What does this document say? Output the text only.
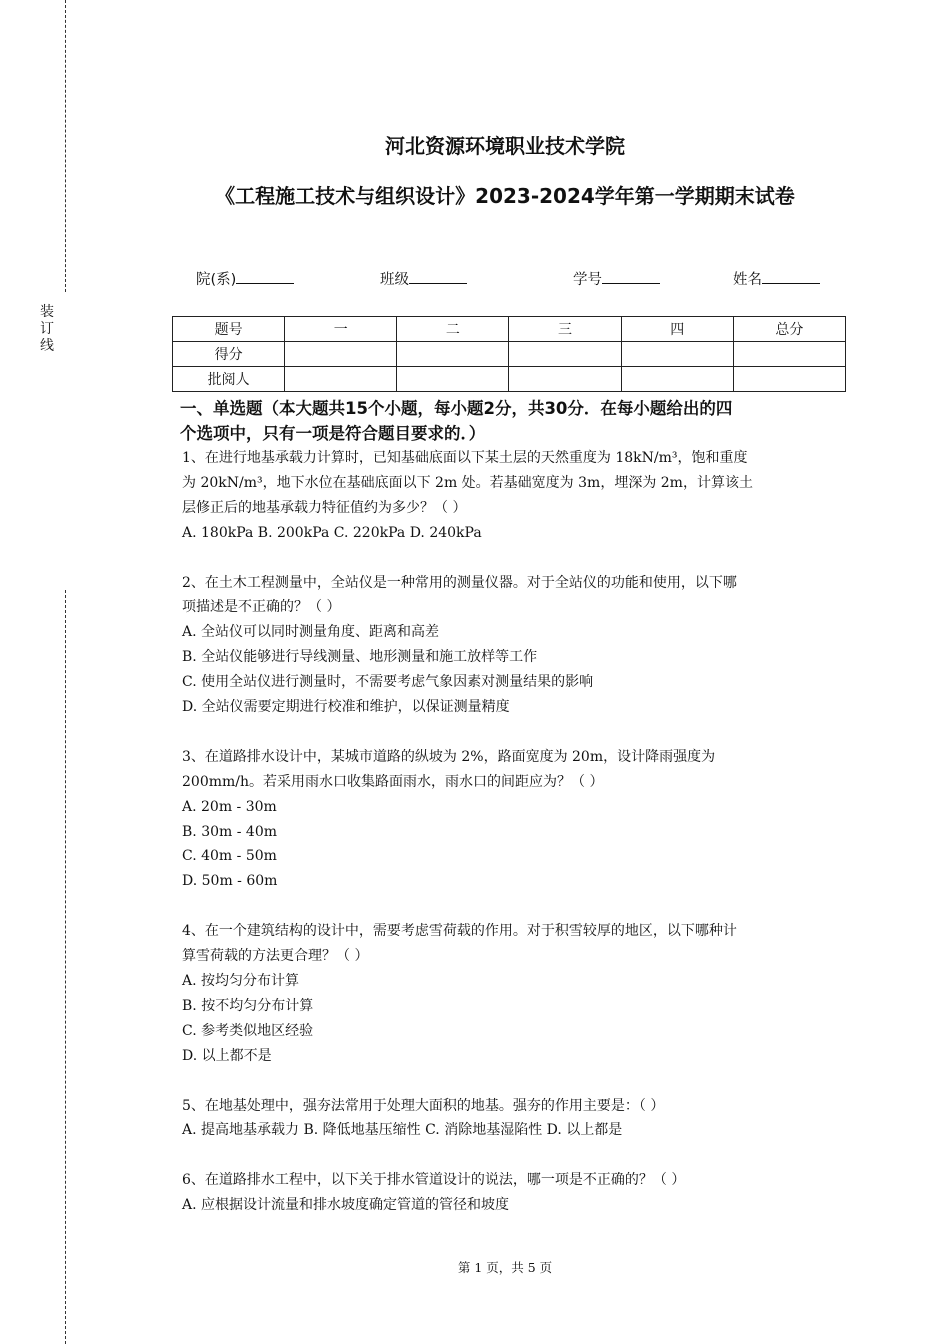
装
订
线
河北资源环境职业技术学院
《工程施工技术与组织设计》2023-2024学年第一学期期末试卷
院(系)	班级	学号	姓名
题号	一	二	三	四	总分
得分					
批阅人					
一、单选题（本大题共15个小题，每小题2分，共30分．在每小题给出的四
个选项中，只有一项是符合题目要求的．）

1、在进行地基承载力计算时，已知基础底面以下某土层的天然重度为 18kN/m³，饱和重度

为 20kN/m³，地下水位在基础底面以下 2m 处。若基础宽度为 3m，埋深为 2m，计算该土

层修正后的地基承载力特征值约为多少？（ ）

A. 180kPa B. 200kPa C. 220kPa D. 240kPa

2、在土木工程测量中，全站仪是一种常用的测量仪器。对于全站仪的功能和使用，以下哪

项描述是不正确的？（ ）

A. 全站仪可以同时测量角度、距离和高差

B. 全站仪能够进行导线测量、地形测量和施工放样等工作

C. 使用全站仪进行测量时，不需要考虑气象因素对测量结果的影响

D. 全站仪需要定期进行校准和维护，以保证测量精度

3、在道路排水设计中，某城市道路的纵坡为 2%，路面宽度为 20m，设计降雨强度为

200mm/h。若采用雨水口收集路面雨水，雨水口的间距应为？（ ）

A. 20m - 30m

B. 30m - 40m

C. 40m - 50m

D. 50m - 60m

4、在一个建筑结构的设计中，需要考虑雪荷载的作用。对于积雪较厚的地区，以下哪种计

算雪荷载的方法更合理？（ ）

A. 按均匀分布计算

B. 按不均匀分布计算

C. 参考类似地区经验

D. 以上都不是

5、在地基处理中，强夯法常用于处理大面积的地基。强夯的作用主要是：（ ）

A. 提高地基承载力 B. 降低地基压缩性 C. 消除地基湿陷性 D. 以上都是

6、在道路排水工程中，以下关于排水管道设计的说法，哪一项是不正确的？（ ）

A. 应根据设计流量和排水坡度确定管道的管径和坡度

第 1 页，共 5 页
